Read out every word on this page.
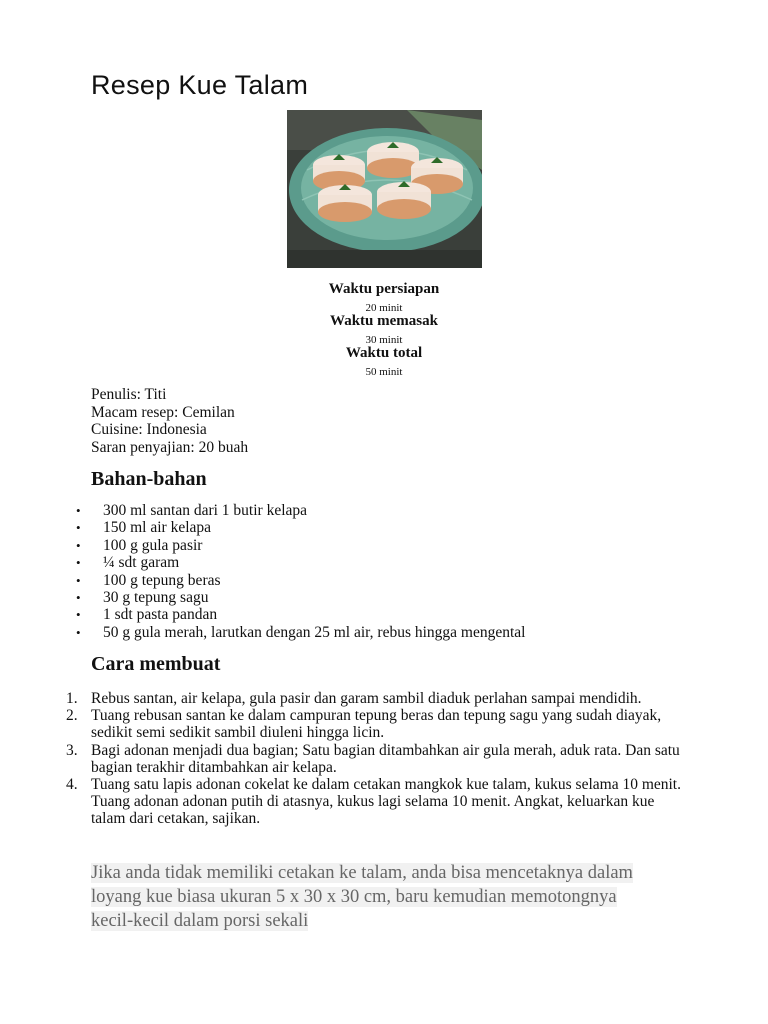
Resep Kue Talam
Waktu persiapan
20 minit
Waktu memasak
30 minit
Waktu total
50 minit
Penulis: Titi
Macam resep: Cemilan
Cuisine: Indonesia
Saran penyajian: 20 buah
Bahan-bahan
• 300 ml santan dari 1 butir kelapa
• 150 ml air kelapa
• 100 g gula pasir
• ¼ sdt garam
• 100 g tepung beras
• 30 g tepung sagu
• 1 sdt pasta pandan
• 50 g gula merah, larutkan dengan 25 ml air, rebus hingga mengental
Cara membuat
1. Rebus santan, air kelapa, gula pasir dan garam sambil diaduk perlahan sampai mendidih.
2. Tuang rebusan santan ke dalam campuran tepung beras dan tepung sagu yang sudah diayak, sedikit semi sedikit sambil diuleni hingga licin.
3. Bagi adonan menjadi dua bagian; Satu bagian ditambahkan air gula merah, aduk rata. Dan satu bagian terakhir ditambahkan air kelapa.
4. Tuang satu lapis adonan cokelat ke dalam cetakan mangkok kue talam, kukus selama 10 menit. Tuang adonan adonan putih di atasnya, kukus lagi selama 10 menit. Angkat, keluarkan kue talam dari cetakan, sajikan.
Jika anda tidak memiliki cetakan ke talam, anda bisa mencetaknya dalam loyang kue biasa ukuran 5 x 30 x 30 cm, baru kemudian memotongnya kecil-kecil dalam porsi sekali
